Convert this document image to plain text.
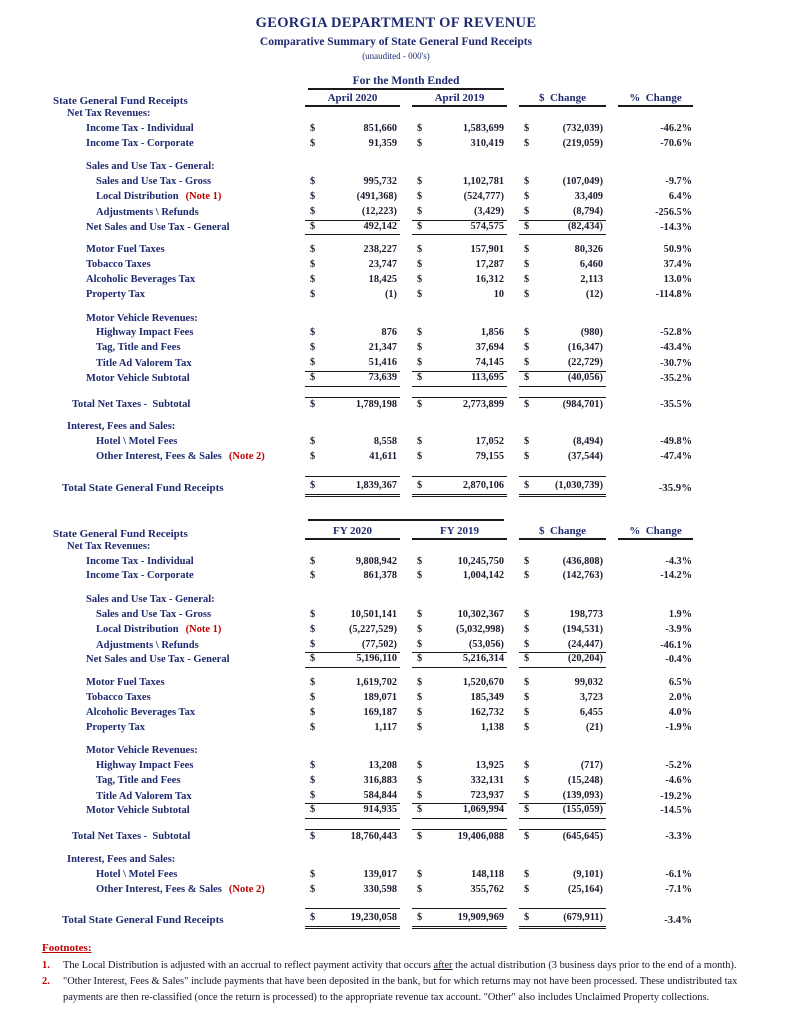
GEORGIA DEPARTMENT OF REVENUE
Comparative Summary of State General Fund Receipts
(unaudited - 000's)
For the Month Ended
State General Fund Receipts	April 2020	April 2019	$  Change	%  Change
Net Tax Revenues:
Income Tax - Individual	$	851,660 $	1,583,699 $	(732,039)	-46.2%
Income Tax - Corporate	$	91,359 $	310,419 $	(219,059)	-70.6%
Sales and Use Tax - General:
Sales and Use Tax - Gross	$	995,732 $	1,102,781 $	(107,049)	-9.7%
Local Distribution (Note 1)	$	(491,368) $	(524,777) $	33,409	6.4%
Adjustments \ Refunds	$	(12,223) $	(3,429) $	(8,794)	-256.5%
Net Sales and Use Tax - General	$	492,142 $	574,575 $	(82,434)	-14.3%
Motor Fuel Taxes	$	238,227 $	157,901 $	80,326	50.9%
Tobacco Taxes	$	23,747 $	17,287 $	6,460	37.4%
Alcoholic Beverages Tax	$	18,425 $	16,312 $	2,113	13.0%
Property Tax	$	(1) $	10 $	(12)	-114.8%
Motor Vehicle Revenues:
Highway Impact Fees	$	876 $	1,856 $	(980)	-52.8%
Tag, Title and Fees	$	21,347 $	37,694 $	(16,347)	-43.4%
Title Ad Valorem Tax	$	51,416 $	74,145 $	(22,729)	-30.7%
Motor Vehicle Subtotal	$	73,639 $	113,695 $	(40,056)	-35.2%
Total Net Taxes -  Subtotal	$	1,789,198 $	2,773,899 $	(984,701)	-35.5%
Interest, Fees and Sales:
Hotel \ Motel Fees	$	8,558 $	17,052 $	(8,494)	-49.8%
Other Interest, Fees & Sales (Note 2)	$	41,611 $	79,155 $	(37,544)	-47.4%
Total State General Fund Receipts	$	1,839,367 $	2,870,106 $	(1,030,739)	-35.9%
State General Fund Receipts	FY 2020	FY 2019	$  Change	%  Change
Net Tax Revenues:
Income Tax - Individual	$	9,808,942 $	10,245,750 $	(436,808)	-4.3%
Income Tax - Corporate	$	861,378 $	1,004,142 $	(142,763)	-14.2%
Sales and Use Tax - General:
Sales and Use Tax - Gross	$	10,501,141 $	10,302,367 $	198,773	1.9%
Local Distribution (Note 1)	$	(5,227,529) $	(5,032,998) $	(194,531)	-3.9%
Adjustments \ Refunds	$	(77,502) $	(53,056) $	(24,447)	-46.1%
Net Sales and Use Tax - General	$	5,196,110 $	5,216,314 $	(20,204)	-0.4%
Motor Fuel Taxes	$	1,619,702 $	1,520,670 $	99,032	6.5%
Tobacco Taxes	$	189,071 $	185,349 $	3,723	2.0%
Alcoholic Beverages Tax	$	169,187 $	162,732 $	6,455	4.0%
Property Tax	$	1,117 $	1,138 $	(21)	-1.9%
Motor Vehicle Revenues:
Highway Impact Fees	$	13,208 $	13,925 $	(717)	-5.2%
Tag, Title and Fees	$	316,883 $	332,131 $	(15,248)	-4.6%
Title Ad Valorem Tax	$	584,844 $	723,937 $	(139,093)	-19.2%
Motor Vehicle Subtotal	$	914,935 $	1,069,994 $	(155,059)	-14.5%
Total Net Taxes -  Subtotal	$	18,760,443 $	19,406,088 $	(645,645)	-3.3%
Interest, Fees and Sales:
Hotel \ Motel Fees	$	139,017 $	148,118 $	(9,101)	-6.1%
Other Interest, Fees & Sales (Note 2)	$	330,598 $	355,762 $	(25,164)	-7.1%
Total State General Fund Receipts	$	19,230,058 $	19,909,969 $	(679,911)	-3.4%
Footnotes:
1.	The Local Distribution is adjusted with an accrual to reflect payment activity that occurs after the actual distribution (3 business days prior to the end of a month).
2.	"Other Interest, Fees & Sales" include payments that have been deposited in the bank, but for which returns may not have been processed. These undistributed tax payments are then re-classified (once the return is processed) to the appropriate revenue tax account. "Other" also includes Unclaimed Property collections.
